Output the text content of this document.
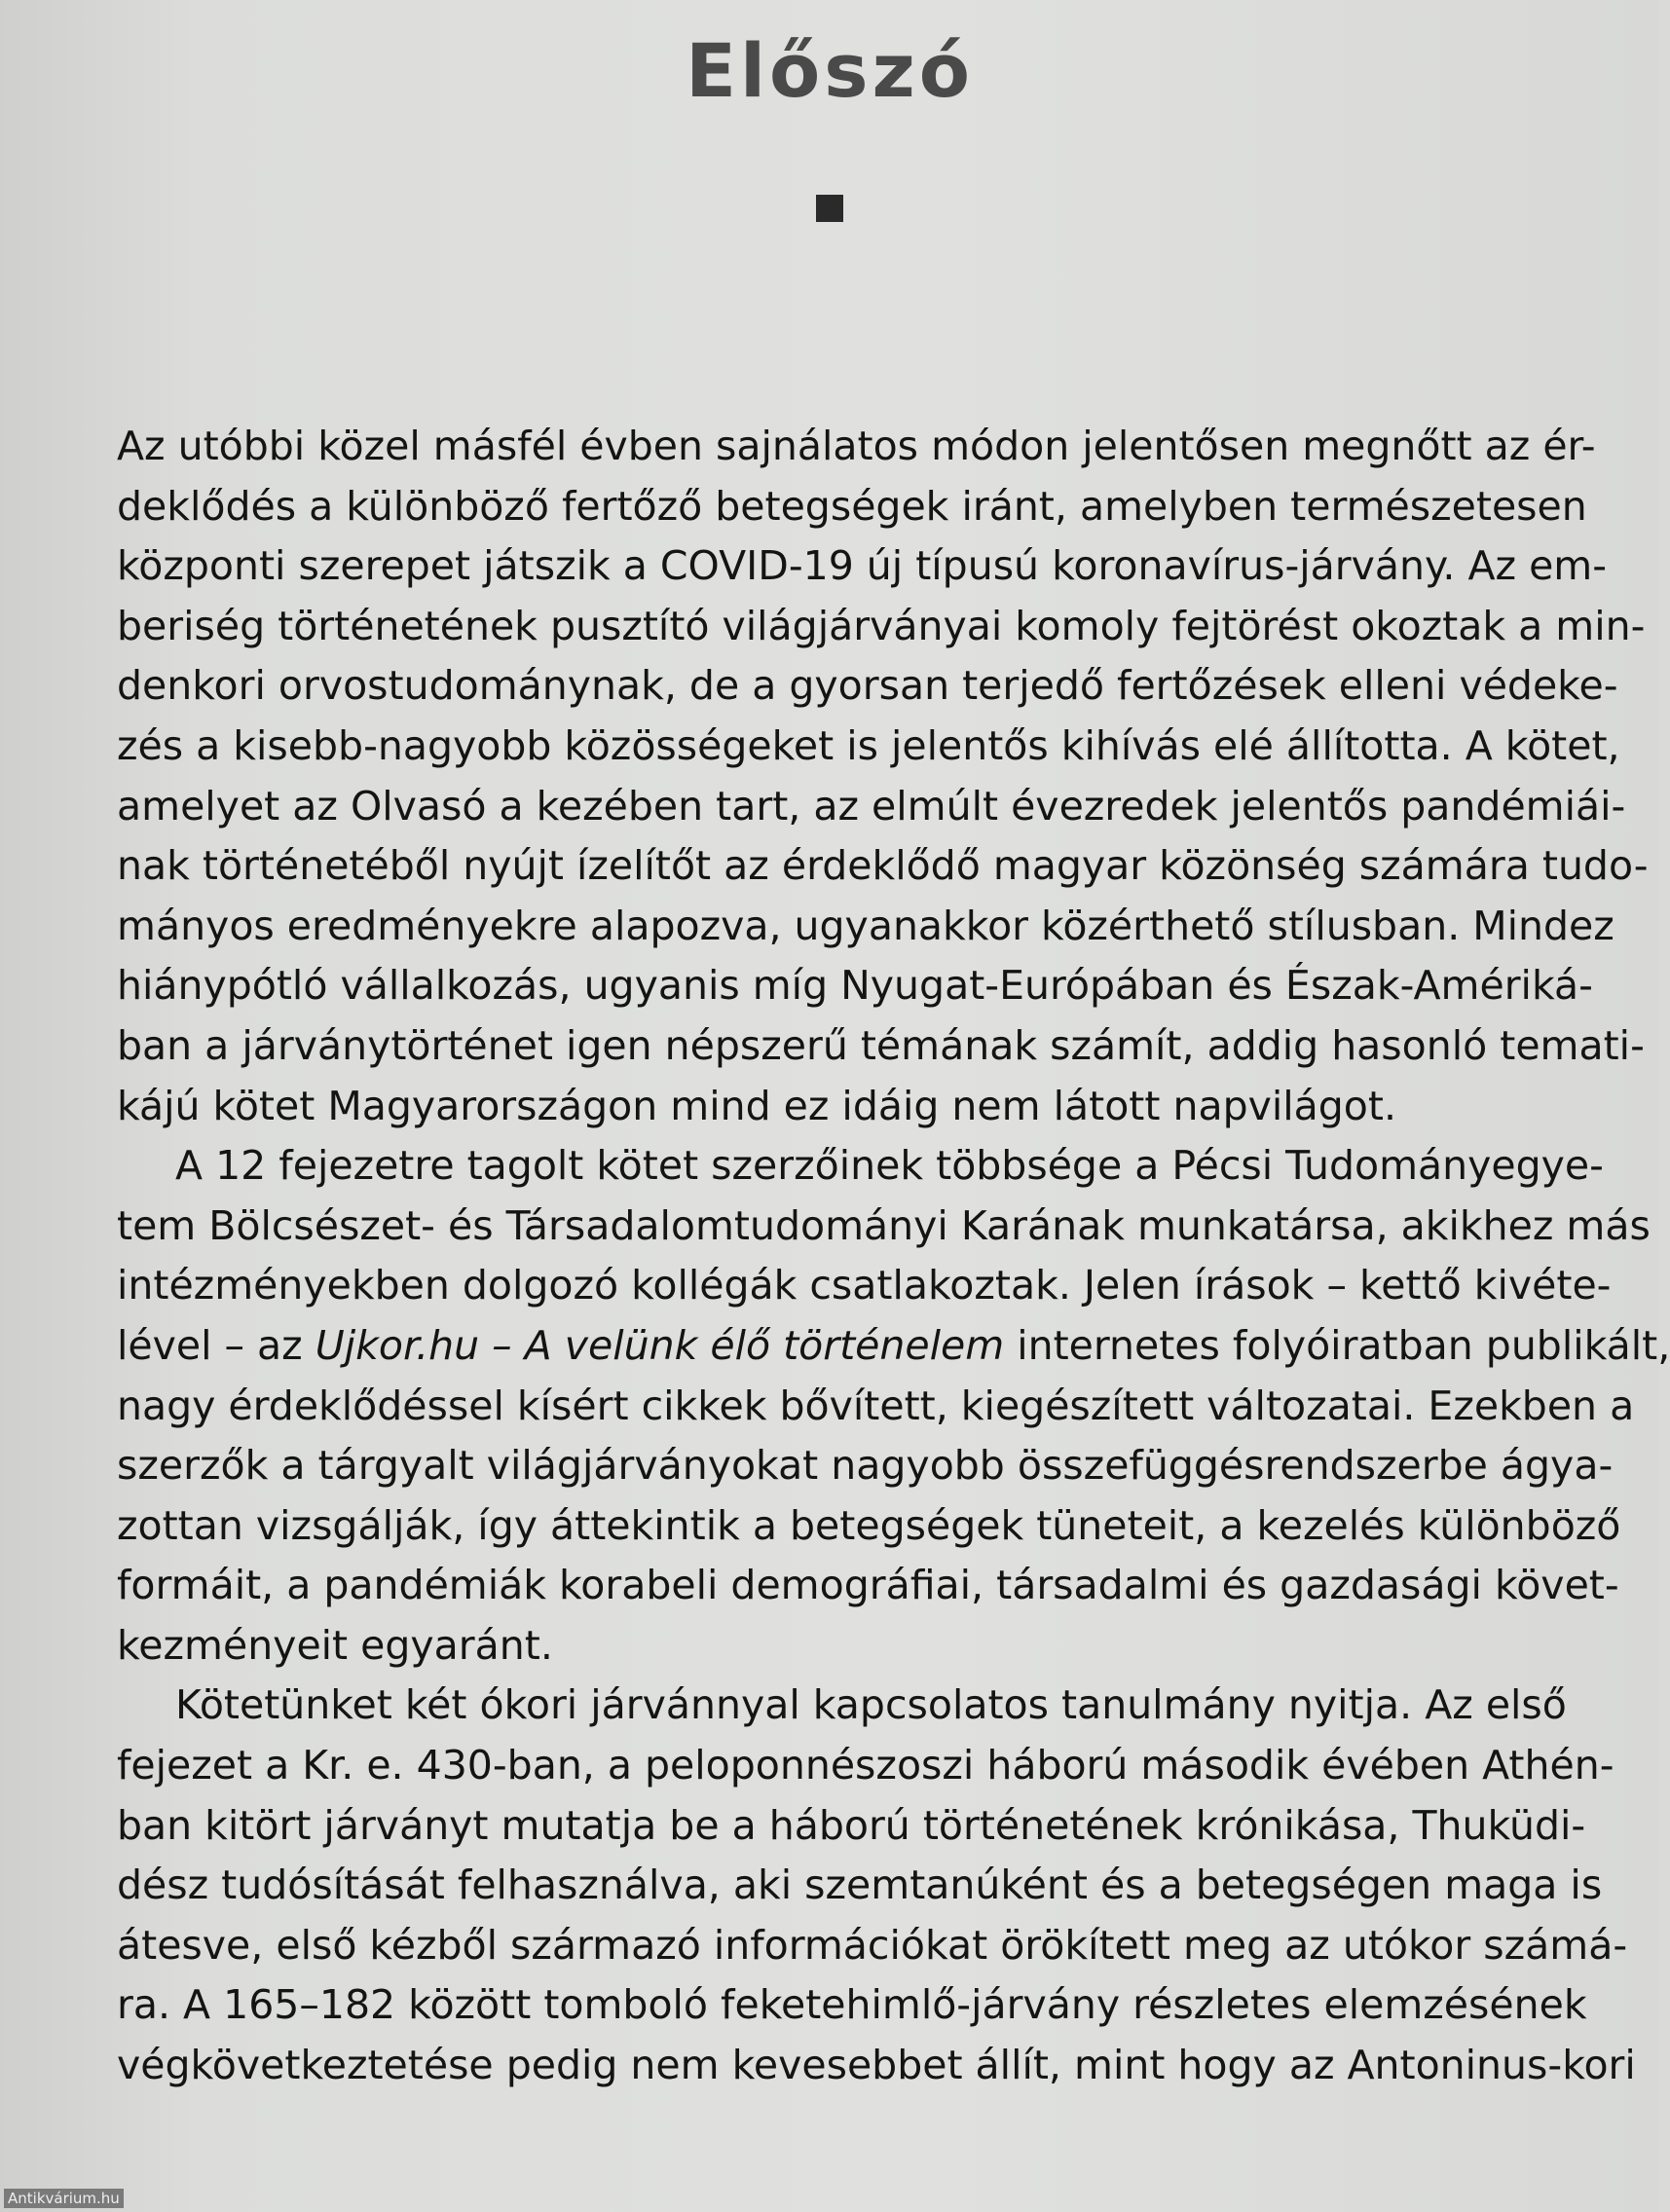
Előszó
Az utóbbi közel másfél évben sajnálatos módon jelentősen megnőtt az ér-
deklődés a különböző fertőző betegségek iránt, amelyben természetesen
központi szerepet játszik a COVID-19 új típusú koronavírus-járvány. Az em-
beriség történetének pusztító világjárványai komoly fejtörést okoztak a min-
denkori orvostudománynak, de a gyorsan terjedő fertőzések elleni védeke-
zés a kisebb-nagyobb közösségeket is jelentős kihívás elé állította. A kötet,
amelyet az Olvasó a kezében tart, az elmúlt évezredek jelentős pandémiái-
nak történetéből nyújt ízelítőt az érdeklődő magyar közönség számára tudo-
mányos eredményekre alapozva, ugyanakkor közérthető stílusban. Mindez
hiánypótló vállalkozás, ugyanis míg Nyugat-Európában és Észak-Amériká-
ban a járványtörténet igen népszerű témának számít, addig hasonló temati-
kájú kötet Magyarországon mind ez idáig nem látott napvilágot.
A 12 fejezetre tagolt kötet szerzőinek többsége a Pécsi Tudományegye-
tem Bölcsészet- és Társadalomtudományi Karának munkatársa, akikhez más
intézményekben dolgozó kollégák csatlakoztak. Jelen írások – kettő kivéte-
lével – az Ujkor.hu – A velünk élő történelem internetes folyóiratban publikált,
nagy érdeklődéssel kísért cikkek bővített, kiegészített változatai. Ezekben a
szerzők a tárgyalt világjárványokat nagyobb összefüggésrendszerbe ágya-
zottan vizsgálják, így áttekintik a betegségek tüneteit, a kezelés különböző
formáit, a pandémiák korabeli demográfiai, társadalmi és gazdasági követ-
kezményeit egyaránt.
Kötetünket két ókori járvánnyal kapcsolatos tanulmány nyitja. Az első
fejezet a Kr. e. 430-ban, a peloponnészoszi háború második évében Athén-
ban kitört járványt mutatja be a háború történetének krónikása, Thuküdi-
dész tudósítását felhasználva, aki szemtanúként és a betegségen maga is
átesve, első kézből származó információkat örökített meg az utókor számá-
ra. A 165–182 között tomboló feketehimlő-járvány részletes elemzésének
végkövetkeztetése pedig nem kevesebbet állít, mint hogy az Antoninus-kori
Antikvárium.hu
